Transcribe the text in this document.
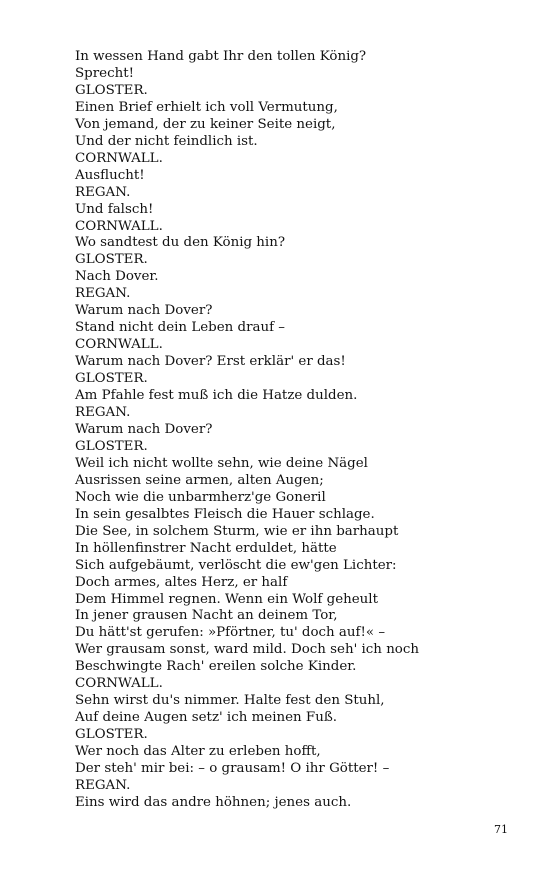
In wessen Hand gabt Ihr den tollen König?
Sprecht!
GLOSTER.
Einen Brief erhielt ich voll Vermutung,
Von jemand, der zu keiner Seite neigt,
Und der nicht feindlich ist.
CORNWALL.
Ausflucht!
REGAN.
Und falsch!
CORNWALL.
Wo sandtest du den König hin?
GLOSTER.
Nach Dover.
REGAN.
Warum nach Dover?
Stand nicht dein Leben drauf –
CORNWALL.
Warum nach Dover? Erst erklär' er das!
GLOSTER.
Am Pfahle fest muß ich die Hatze dulden.
REGAN.
Warum nach Dover?
GLOSTER.
Weil ich nicht wollte sehn, wie deine Nägel
Ausrissen seine armen, alten Augen;
Noch wie die unbarmherz'ge Goneril
In sein gesalbtes Fleisch die Hauer schlage.
Die See, in solchem Sturm, wie er ihn barhaupt
In höllenfinstrer Nacht erduldet, hätte
Sich aufgebäumt, verlöscht die ew'gen Lichter:
Doch armes, altes Herz, er half
Dem Himmel regnen. Wenn ein Wolf geheult
In jener grausen Nacht an deinem Tor,
Du hätt'st gerufen: »Pförtner, tu' doch auf!« –
Wer grausam sonst, ward mild. Doch seh' ich noch
Beschwingte Rach' ereilen solche Kinder.
CORNWALL.
Sehn wirst du's nimmer. Halte fest den Stuhl,
Auf deine Augen setz' ich meinen Fuß.
GLOSTER.
Wer noch das Alter zu erleben hofft,
Der steh' mir bei: – o grausam! O ihr Götter! –
REGAN.
Eins wird das andre höhnen; jenes auch.
71
